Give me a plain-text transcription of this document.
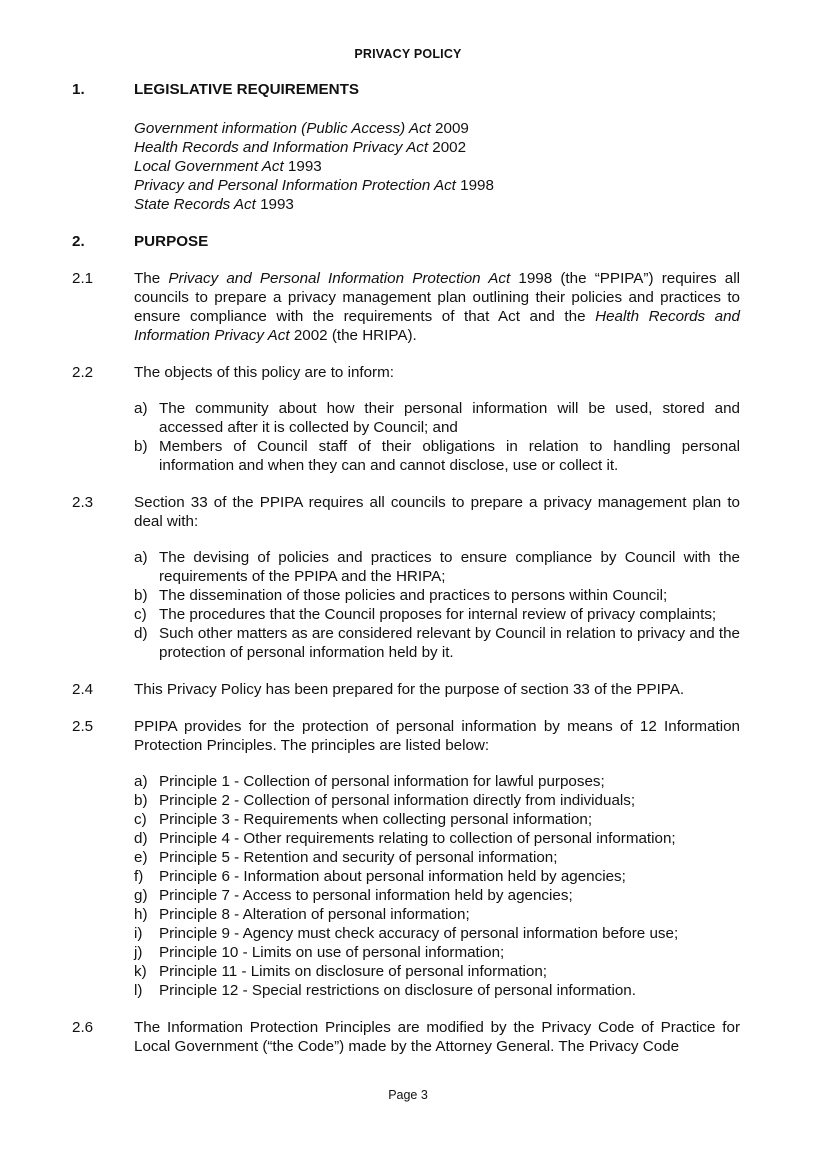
PRIVACY POLICY
1.	LEGISLATIVE REQUIREMENTS
Government information (Public Access) Act 2009
Health Records and Information Privacy Act 2002
Local Government Act 1993
Privacy and Personal Information Protection Act 1998
State Records Act 1993
2.	PURPOSE
2.1	The Privacy and Personal Information Protection Act 1998 (the “PPIPA”) requires all councils to prepare a privacy management plan outlining their policies and practices to ensure compliance with the requirements of that Act and the Health Records and Information Privacy Act 2002 (the HRIPA).
2.2	The objects of this policy are to inform:
a) The community about how their personal information will be used, stored and accessed after it is collected by Council; and
b) Members of Council staff of their obligations in relation to handling personal information and when they can and cannot disclose, use or collect it.
2.3	Section 33 of the PPIPA requires all councils to prepare a privacy management plan to deal with:
a) The devising of policies and practices to ensure compliance by Council with the requirements of the PPIPA and the HRIPA;
b) The dissemination of those policies and practices to persons within Council;
c) The procedures that the Council proposes for internal review of privacy complaints;
d) Such other matters as are considered relevant by Council in relation to privacy and the protection of personal information held by it.
2.4	This Privacy Policy has been prepared for the purpose of section 33 of the PPIPA.
2.5	PPIPA provides for the protection of personal information by means of 12 Information Protection Principles. The principles are listed below:
a) Principle 1 - Collection of personal information for lawful purposes;
b) Principle 2 - Collection of personal information directly from individuals;
c) Principle 3 - Requirements when collecting personal information;
d) Principle 4 - Other requirements relating to collection of personal information;
e) Principle 5 - Retention and security of personal information;
f) Principle 6 - Information about personal information held by agencies;
g) Principle 7 - Access to personal information held by agencies;
h) Principle 8 - Alteration of personal information;
i) Principle 9 - Agency must check accuracy of personal information before use;
j) Principle 10 - Limits on use of personal information;
k) Principle 11 - Limits on disclosure of personal information;
l) Principle 12 - Special restrictions on disclosure of personal information.
2.6	The Information Protection Principles are modified by the Privacy Code of Practice for Local Government (“the Code”) made by the Attorney General. The Privacy Code
Page 3
